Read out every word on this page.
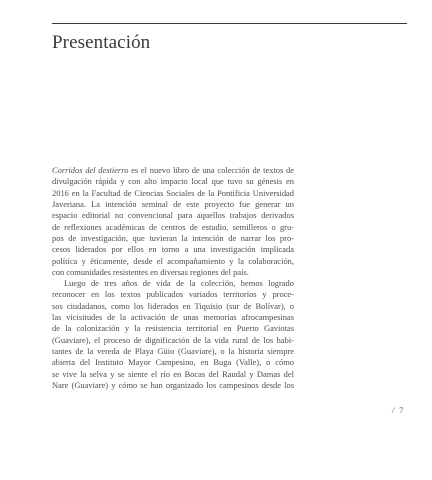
Presentación
Corridos del destierro es el nuevo libro de una colección de textos de
divulgación rápida y con alto impacto local que tuvo su génesis en
2016 en la Facultad de Ciencias Sociales de la Pontificia Universidad
Javeriana. La intención seminal de este proyecto fue generar un
espacio editorial no convencional para aquellos trabajos derivados
de reflexiones académicas de centros de estudio, semilleros o gru-
pos de investigación, que tuvieran la intención de narrar los pro-
cesos liderados por ellos en torno a una investigación implicada
política y éticamente, desde el acompañamiento y la colaboración,
con comunidades resistentes en diversas regiones del país.
Luego de tres años de vida de la colección, hemos logrado
reconocer en los textos publicados variados territorios y proce-
sos ciudadanos, como los liderados en Tiquisio (sur de Bolívar), o
las vicisitudes de la activación de unas memorias afrocampesinas
de la colonización y la resistencia territorial en Puerto Gaviotas
(Guaviare), el proceso de dignificación de la vida rural de los habi-
tantes de la vereda de Playa Güio (Guaviare), o la historia siempre
abierta del Instituto Mayor Campesino, en Buga (Valle), o cómo
se vive la selva y se siente el río en Bocas del Raudal y Damas del
Nare (Guaviare) y cómo se han organizado los campesinos desde los
/ 7
